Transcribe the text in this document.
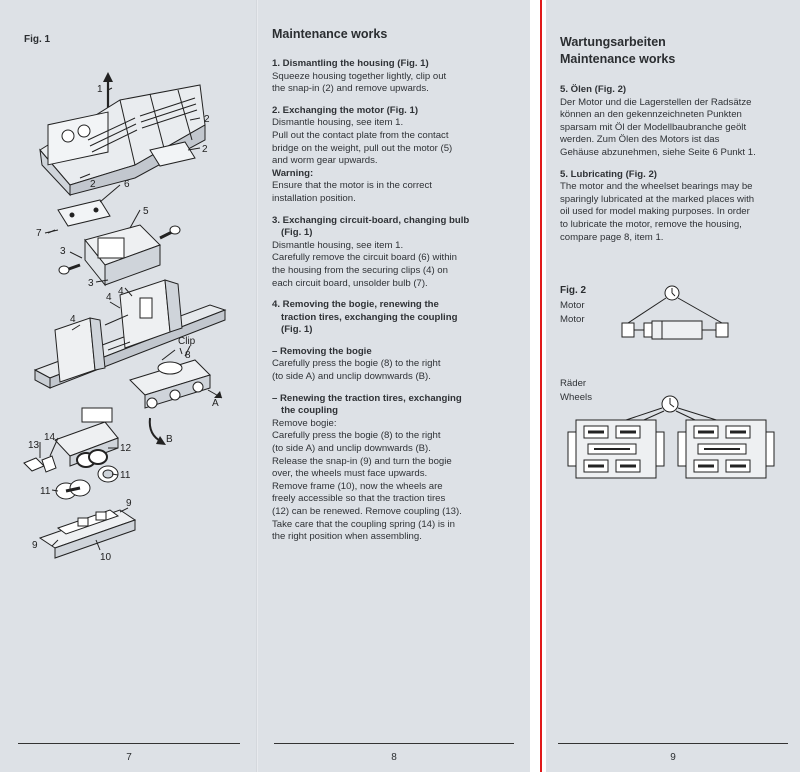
Fig. 1
1
2
2
2
6
5
7
3
3
4
4
4
Clip
8
A
B
14
13	12
11
11
9
9
10
7
Maintenance works

1. Dismantling the housing (Fig. 1)

Squeeze housing together lightly, clip out

the snap-in (2) and remove upwards.

2. Exchanging the motor (Fig. 1)

Dismantle housing, see item 1.

Pull out the contact plate from the contact

bridge on the weight, pull out the motor (5)

and worm gear upwards.

Warning:

Ensure that the motor is in the correct

installation position.

3. Exchanging circuit-board, changing bulb

(Fig. 1)

Dismantle housing, see item 1.

Carefully remove the circuit board (6) within

the housing from the securing clips (4) on

each circuit board, unsolder bulb (7).

4. Removing the bogie, renewing the

traction tires, exchanging the coupling

(Fig. 1)

– Removing the bogie

Carefully press the bogie (8) to the right

(to side A) and unclip downwards (B).

– Renewing the traction tires, exchanging

the coupling

Remove bogie:

Carefully press the bogie (8) to the right

(to side A) and unclip downwards (B).

Release the snap-in (9) and turn the bogie

over, the wheels must face upwards.

Remove frame (10), now the wheels are

freely accessible so that the traction tires

(12) can be renewed. Remove coupling (13).

Take care that the coupling spring (14) is in

the right position when assembling.

8
Wartungsarbeiten
Maintenance works

5. Ölen (Fig. 2)

Der Motor und die Lagerstellen der Radsätze

können an den gekennzeichneten Punkten

sparsam mit Öl der Modellbaubranche geölt

werden. Zum Ölen des Motors ist das

Gehäuse abzunehmen, siehe Seite 6 Punkt 1.

5. Lubricating (Fig. 2)

The motor and the wheelset bearings may be

sparingly lubricated at the marked places with

oil used for model making purposes. In order

to lubricate the motor, remove the housing,

compare page 8, item 1.

Fig. 2
Motor
Motor
Räder
Wheels
9
